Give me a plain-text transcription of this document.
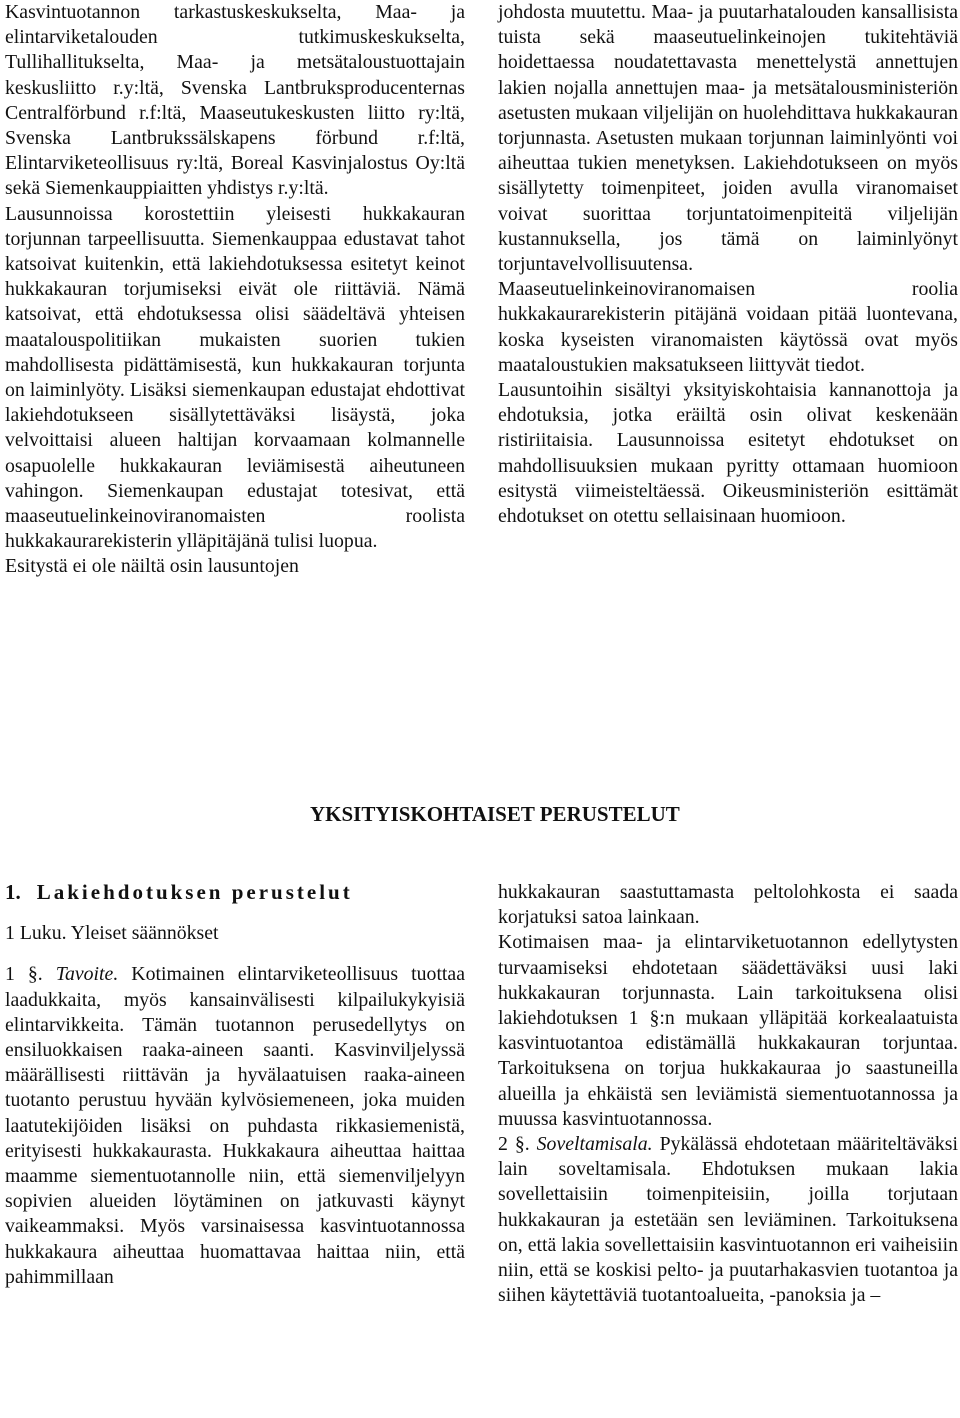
Kasvintuotannon tarkastuskeskukselta, Maa- ja elintarviketalouden tutkimuskeskukselta, Tullihallitukselta, Maa- ja metsätaloustuottajain keskusliitto r.y:ltä, Svenska Lantbruksproducenternas Centralförbund r.f:ltä, Maaseutukeskusten liitto ry:ltä, Svenska Lantbrukssälskapens förbund r.f:ltä, Elintarviketeollisuus ry:ltä, Boreal Kasvinjalostus Oy:ltä sekä Siemenkauppiaitten yhdistys r.y:ltä.

Lausunnoissa korostettiin yleisesti hukkakauran torjunnan tarpeellisuutta. Siemenkauppaa edustavat tahot katsoivat kuitenkin, että lakiehdotuksessa esitetyt keinot hukkakauran torjumiseksi eivät ole riittäviä. Nämä katsoivat, että ehdotuksessa olisi säädeltävä yhteisen maatalouspolitiikan mukaisten suorien tukien mahdollisesta pidättämisestä, kun hukkakauran torjunta on laiminlyöty. Lisäksi siemenkaupan edustajat ehdottivat lakiehdotukseen sisällytettäväksi lisäystä, joka velvoittaisi alueen haltijan korvaamaan kolmannelle osapuolelle hukkakauran leviämisestä aiheutuneen vahingon. Siemenkaupan edustajat totesivat, että maaseutuelinkeinoviranomaisten roolista hukkakaurarekisterin ylläpitäjänä tulisi luopua.

Esitystä ei ole näiltä osin lausuntojen

johdosta muutettu. Maa- ja puutarhatalouden kansallisista tuista sekä maaseutuelinkeinojen tukitehtäviä hoidettaessa noudatettavasta menettelystä annettujen lakien nojalla annettujen maa- ja metsätalousministeriön asetusten mukaan viljelijän on huolehdittava hukkakauran torjunnasta. Asetusten mukaan torjunnan laiminlyönti voi aiheuttaa tukien menetyksen. Lakiehdotukseen on myös sisällytetty toimenpiteet, joiden avulla viranomaiset voivat suorittaa torjuntatoimenpiteitä viljelijän kustannuksella, jos tämä on laiminlyönyt torjuntavelvollisuutensa.

Maaseutuelinkeinoviranomaisen roolia hukkakaurarekisterin pitäjänä voidaan pitää luontevana, koska kyseisten viranomaisten käytössä ovat myös maataloustukien maksatukseen liittyvät tiedot.

Lausuntoihin sisältyi yksityiskohtaisia kannanottoja ja ehdotuksia, jotka eräiltä osin olivat keskenään ristiriitaisia. Lausunnoissa esitetyt ehdotukset on mahdollisuuksien mukaan pyritty ottamaan huomioon esitystä viimeisteltäessä. Oikeusministeriön esittämät ehdotukset on otettu sellaisinaan huomioon.

YKSITYISKOHTAISET PERUSTELUT

1. Lakiehdotuksen perustelut

1 Luku. Yleiset säännökset

1 §. Tavoite. Kotimainen elintarviketeollisuus tuottaa laadukkaita, myös kansainvälisesti kilpailukykyisiä elintarvikkeita. Tämän tuotannon perusedellytys on ensiluokkaisen raaka-aineen saanti. Kasvinviljelyssä määrällisesti riittävän ja hyvälaatuisen raaka-aineen tuotanto perustuu hyvään kylvösiemeneen, joka muiden laatutekijöiden lisäksi on puhdasta rikkasiemenistä, erityisesti hukkakaurasta. Hukkakaura aiheuttaa haittaa maamme siementuotannolle niin, että siemenviljelyyn sopivien alueiden löytäminen on jatkuvasti käynyt vaikeammaksi. Myös varsinaisessa kasvintuotannossa hukkakaura aiheuttaa huomattavaa haittaa niin, että pahimmillaan

hukkakauran saastuttamasta peltolohkosta ei saada korjatuksi satoa lainkaan.

Kotimaisen maa- ja elintarviketuotannon edellytysten turvaamiseksi ehdotetaan säädettäväksi uusi laki hukkakauran torjunnasta. Lain tarkoituksena olisi lakiehdotuksen 1 §:n mukaan ylläpitää korkealaatuista kasvintuotantoa edistämällä hukkakauran torjuntaa. Tarkoituksena on torjua hukkakauraa jo saastuneilla alueilla ja ehkäistä sen leviämistä siementuotannossa ja muussa kasvintuotannossa.

2 §. Soveltamisala. Pykälässä ehdotetaan määriteltäväksi lain soveltamisala. Ehdotuksen mukaan lakia sovellettaisiin toimenpiteisiin, joilla torjutaan hukkakauran ja estetään sen leviäminen. Tarkoituksena on, että lakia sovellettaisiin kasvintuotannon eri vaiheisiin niin, että se koskisi pelto- ja puutarhakasvien tuotantoa ja siihen käytettäviä tuotantoalueita, -panoksia ja –
